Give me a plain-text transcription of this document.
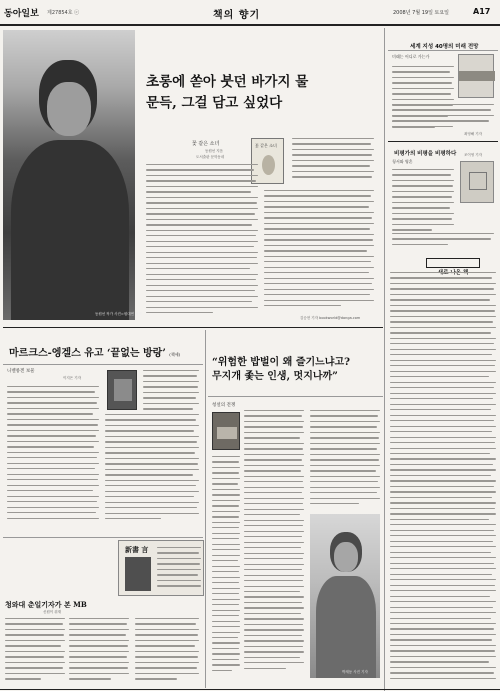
동아일보 제27854호 ⓒ	책의 향기	2008년 7월 19일 토요일	A17
동원선 작가 사진=원대연 기자
초롱에 쏟아 붓던 바가지 물
문득, 그걸 담고 싶었다
꽃 같은 소녀
동원선 지음
도서출판 문학동네
꽃 같은 소녀
김승현 기자 bookworld@donga.com
세계 지성 40명의 미래 전망
미래는 어디로 가는가
최영해 기자
비평가의 비평을 비평하다
청서와 영혼
조이영 기자
마르크스-엥겔스 유고 ‘끝없는 방랑’ (책세)
니벨룽겐 보물
이지은 기자
“위험한 밥벌이 왜 즐기느냐고?
무지개 좇는 인생, 멋지나까”
청설의 전쟁
박재동 사진 기자
新書 言
청와대 춘일기자가 본 MB
신원이 취재
